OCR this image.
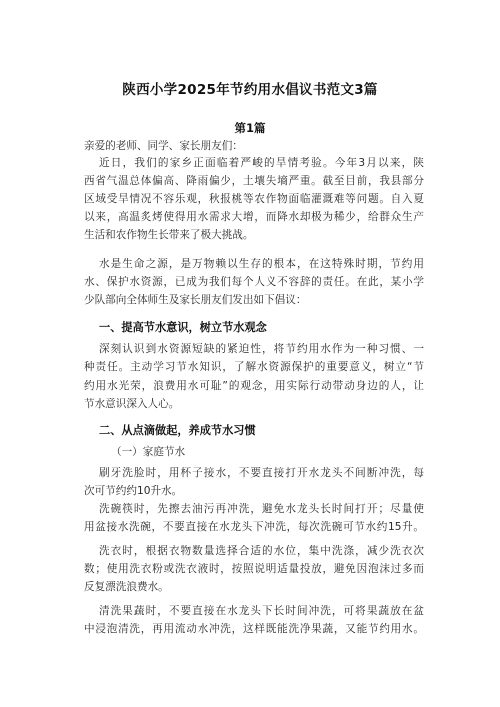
陕西小学2025年节约用水倡议书范文3篇
第1篇
亲爱的老师、同学、家长朋友们：
近日，我们的家乡正面临着严峻的旱情考验。今年3月以来，陕
西省气温总体偏高、降雨偏少，土壤失墒严重。截至目前，我县部分
区域受旱情况不容乐观，秋报桃等农作物面临灌溉难等问题。自入夏
以来，高温炙烤使得用水需求大增，而降水却极为稀少，给群众生产
生活和农作物生长带来了极大挑战。
水是生命之源，是万物赖以生存的根本，在这特殊时期，节约用
水、保护水资源，已成为我们每个人义不容辞的责任。在此，某小学
少队部向全体师生及家长朋友们发出如下倡议：
一、提高节水意识，树立节水观念
深刻认识到水资源短缺的紧迫性，将节约用水作为一种习惯、一
种责任。主动学习节水知识，了解水资源保护的重要意义，树立“节
约用水光荣，浪费用水可耻”的观念，用实际行动带动身边的人，让
节水意识深入人心。
二、从点滴做起，养成节水习惯
（一）家庭节水
刷牙洗脸时，用杯子接水，不要直接打开水龙头不间断冲洗，每
次可节约约10升水。
洗碗筷时，先擦去油污再冲洗，避免水龙头长时间打开；尽量使
用盆接水洗碗，不要直接在水龙头下冲洗，每次洗碗可节水约15升。
洗衣时，根据衣物数量选择合适的水位，集中洗涤，减少洗衣次
数；使用洗衣粉或洗衣液时，按照说明适量投放，避免因泡沫过多而
反复漂洗浪费水。
清洗果蔬时，不要直接在水龙头下长时间冲洗，可将果蔬放在盆
中浸泡清洗，再用流动水冲洗，这样既能洗净果蔬，又能节约用水。
